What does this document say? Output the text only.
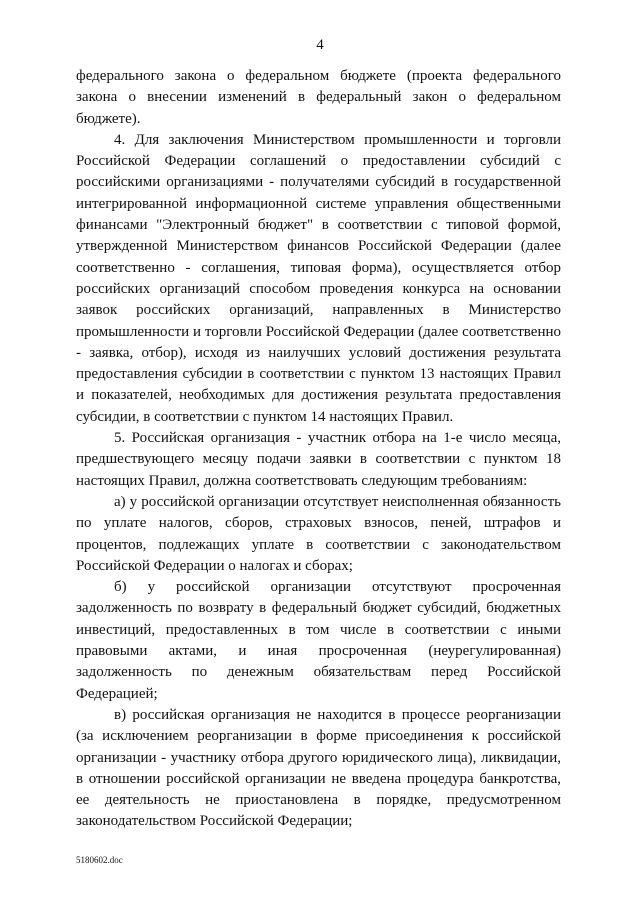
4

федерального закона о федеральном бюджете (проекта федерального закона о внесении изменений в федеральный закон о федеральном бюджете).

4. Для заключения Министерством промышленности и торговли Российской Федерации соглашений о предоставлении субсидий с российскими организациями - получателями субсидий в государственной интегрированной информационной системе управления общественными финансами "Электронный бюджет" в соответствии с типовой формой, утвержденной Министерством финансов Российской Федерации (далее соответственно - соглашения, типовая форма), осуществляется отбор российских организаций способом проведения конкурса на основании заявок российских организаций, направленных в Министерство промышленности и торговли Российской Федерации (далее соответственно - заявка, отбор), исходя из наилучших условий достижения результата предоставления субсидии в соответствии с пунктом 13 настоящих Правил и показателей, необходимых для достижения результата предоставления субсидии, в соответствии с пунктом 14 настоящих Правил.

5. Российская организация - участник отбора на 1-е число месяца, предшествующего месяцу подачи заявки в соответствии с пунктом 18 настоящих Правил, должна соответствовать следующим требованиям:

а) у российской организации отсутствует неисполненная обязанность по уплате налогов, сборов, страховых взносов, пеней, штрафов и процентов, подлежащих уплате в соответствии с законодательством Российской Федерации о налогах и сборах;

б) у российской организации отсутствуют просроченная задолженность по возврату в федеральный бюджет субсидий, бюджетных инвестиций, предоставленных в том числе в соответствии с иными правовыми актами, и иная просроченная (неурегулированная) задолженность по денежным обязательствам перед Российской Федерацией;

в) российская организация не находится в процессе реорганизации (за исключением реорганизации в форме присоединения к российской организации - участнику отбора другого юридического лица), ликвидации, в отношении российской организации не введена процедура банкротства, ее деятельность не приостановлена в порядке, предусмотренном законодательством Российской Федерации;

5180602.doc
